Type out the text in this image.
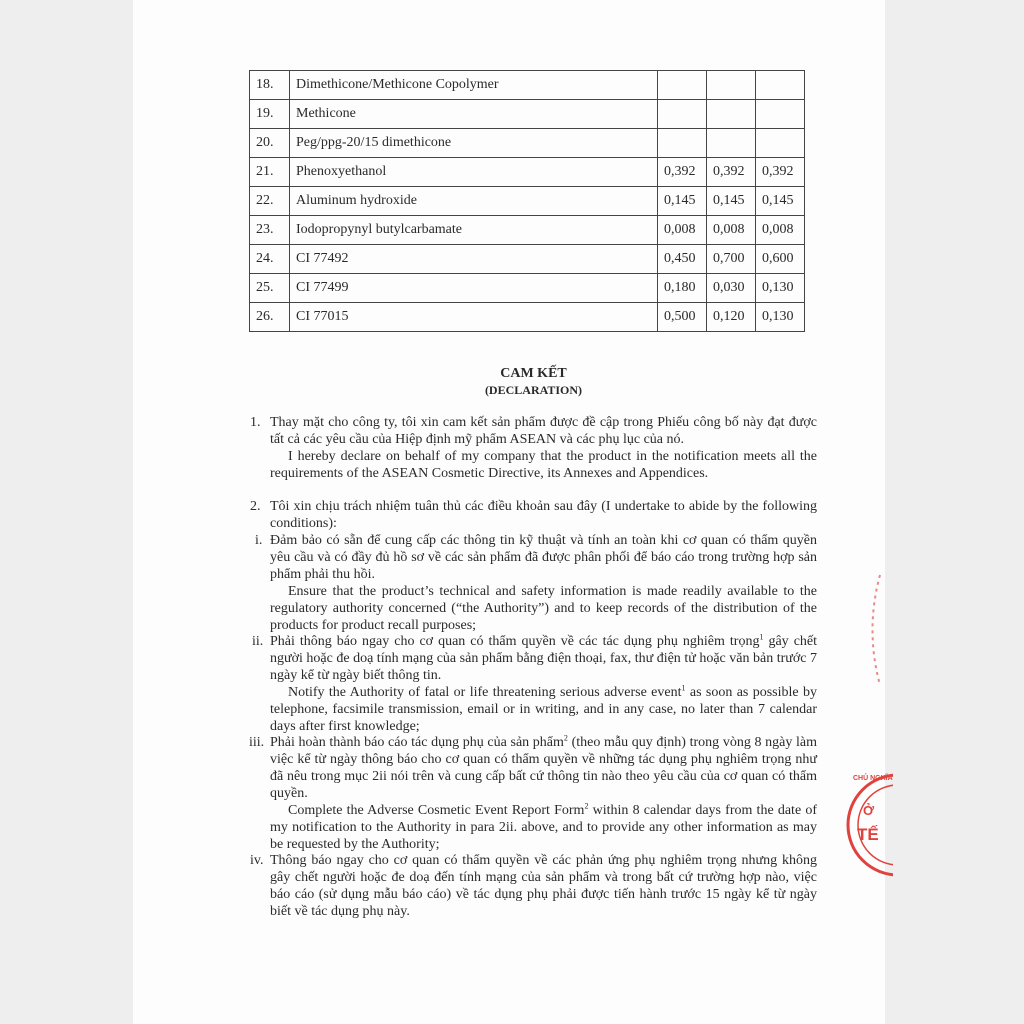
18.	Dimethicone/Methicone Copolymer			
19.	Methicone			
20.	Peg/ppg-20/15 dimethicone			
21.	Phenoxyethanol	0,392	0,392	0,392
22.	Aluminum hydroxide	0,145	0,145	0,145
23.	Iodopropynyl butylcarbamate	0,008	0,008	0,008
24.	CI 77492	0,450	0,700	0,600
25.	CI 77499	0,180	0,030	0,130
26.	CI 77015	0,500	0,120	0,130
CAM KẾT
(DECLARATION)
1. Thay mặt cho công ty, tôi xin cam kết sản phẩm được đề cập trong Phiếu công bố này đạt được tất cả các yêu cầu của Hiệp định mỹ phẩm ASEAN và các phụ lục của nó.
I hereby declare on behalf of my company that the product in the notification meets all the requirements of the ASEAN Cosmetic Directive, its Annexes and Appendices.
2. Tôi xin chịu trách nhiệm tuân thủ các điều khoản sau đây (I undertake to abide by the following conditions):
i. Đảm bảo có sẵn để cung cấp các thông tin kỹ thuật và tính an toàn khi cơ quan có thẩm quyền yêu cầu và có đầy đủ hồ sơ về các sản phẩm đã được phân phối để báo cáo trong trường hợp sản phẩm phải thu hồi.
Ensure that the product’s technical and safety information is made readily available to the regulatory authority concerned (“the Authority”) and to keep records of the distribution of the products for product recall purposes;
ii. Phải thông báo ngay cho cơ quan có thẩm quyền về các tác dụng phụ nghiêm trọng$^1$ gây chết người hoặc đe doạ tính mạng của sản phẩm bằng điện thoại, fax, thư điện tử hoặc văn bản trước 7 ngày kể từ ngày biết thông tin.
Notify the Authority of fatal or life threatening serious adverse event$^1$ as soon as possible by telephone, facsimile transmission, email or in writing, and in any case, no later than 7 calendar days after first knowledge;
iii. Phải hoàn thành báo cáo tác dụng phụ của sản phẩm$^2$ (theo mẫu quy định) trong vòng 8 ngày làm việc kể từ ngày thông báo cho cơ quan có thẩm quyền về những tác dụng phụ nghiêm trọng như đã nêu trong mục 2ii nói trên và cung cấp bất cứ thông tin nào theo yêu cầu của cơ quan có thẩm quyền.
Complete the Adverse Cosmetic Event Report Form$^2$ within 8 calendar days from the date of my notification to the Authority in para 2ii. above, and to provide any other information as may be requested by the Authority;
iv. Thông báo ngay cho cơ quan có thẩm quyền về các phản ứng phụ nghiêm trọng nhưng không gây chết người hoặc đe doạ đến tính mạng của sản phẩm và trong bất cứ trường hợp nào, việc báo cáo (sử dụng mẫu báo cáo) về tác dụng phụ phải được tiến hành trước 15 ngày kể từ ngày biết về tác dụng phụ này.
CHỦ NGHĨA
Ở
TẾ
